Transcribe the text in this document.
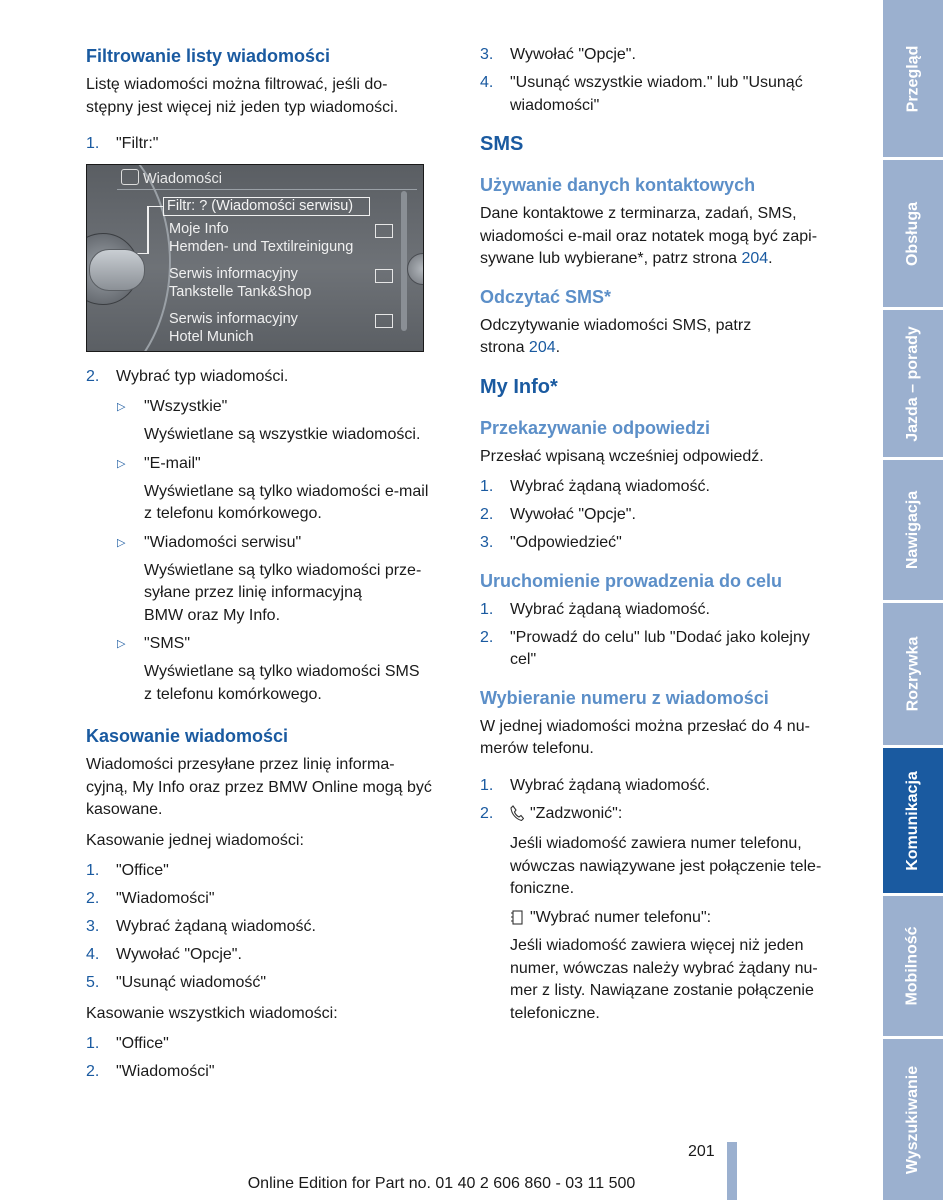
Filtrowanie listy wiadomości

Listę wiadomości można filtrować, jeśli do-
stępny jest więcej niż jeden typ wiadomości.

1. "Filtr:"
Wiadomości
Filtr: ? (Wiadomości serwisu)
Moje Info
Hemden- und Textilreinigung
Serwis informacyjny
Tankstelle Tank&Shop
Serwis informacyjny
Hotel Munich
2. Wybrać typ wiadomości.
▷ "Wszystkie"
Wyświetlane są wszystkie wiadomości.
▷ "E-mail"
Wyświetlane są tylko wiadomości e-mail
z telefonu komórkowego.
▷ "Wiadomości serwisu"
Wyświetlane są tylko wiadomości prze-
syłane przez linię informacyjną
BMW oraz My Info.
▷ "SMS"
Wyświetlane są tylko wiadomości SMS
z telefonu komórkowego.
Kasowanie wiadomości

Wiadomości przesyłane przez linię informa-
cyjną, My Info oraz przez BMW Online mogą być
kasowane.

Kasowanie jednej wiadomości:

1. "Office"
2. "Wiadomości"
3. Wybrać żądaną wiadomość.
4. Wywołać "Opcje".
5. "Usunąć wiadomość"

Kasowanie wszystkich wiadomości:

1. "Office"
2. "Wiadomości"
3. Wywołać "Opcje".
4. "Usunąć wszystkie wiadom." lub "Usunąć
wiadomości"
SMS
Używanie danych kontaktowych

Dane kontaktowe z terminarza, zadań, SMS,
wiadomości e-mail oraz notatek mogą być zapi-
sywane lub wybierane*, patrz strona 204.

Odczytać SMS*

Odczytywanie wiadomości SMS, patrz
strona 204.

My Info*
Przekazywanie odpowiedzi

Przesłać wpisaną wcześniej odpowiedź.

1. Wybrać żądaną wiadomość.
2. Wywołać "Opcje".
3. "Odpowiedzieć"
Uruchomienie prowadzenia do celu
1. Wybrać żądaną wiadomość.
2. "Prowadź do celu" lub "Dodać jako kolejny
cel"
Wybieranie numeru z wiadomości

W jednej wiadomości można przesłać do 4 nu-
merów telefonu.

1. Wybrać żądaną wiadomość.
2. "Zadzwonić":

Jeśli wiadomość zawiera numer telefonu,
wówczas nawiązywane jest połączenie tele-
foniczne.

"Wybrać numer telefonu":

Jeśli wiadomość zawiera więcej niż jeden
numer, wówczas należy wybrać żądany nu-
mer z listy. Nawiązane zostanie połączenie
telefoniczne.

Przegląd
Obsługa
Jazda – porady
Nawigacja
Rozrywka
Komunikacja
Mobilność
Wyszukiwanie
201
Online Edition for Part no. 01 40 2 606 860 - 03 11 500
